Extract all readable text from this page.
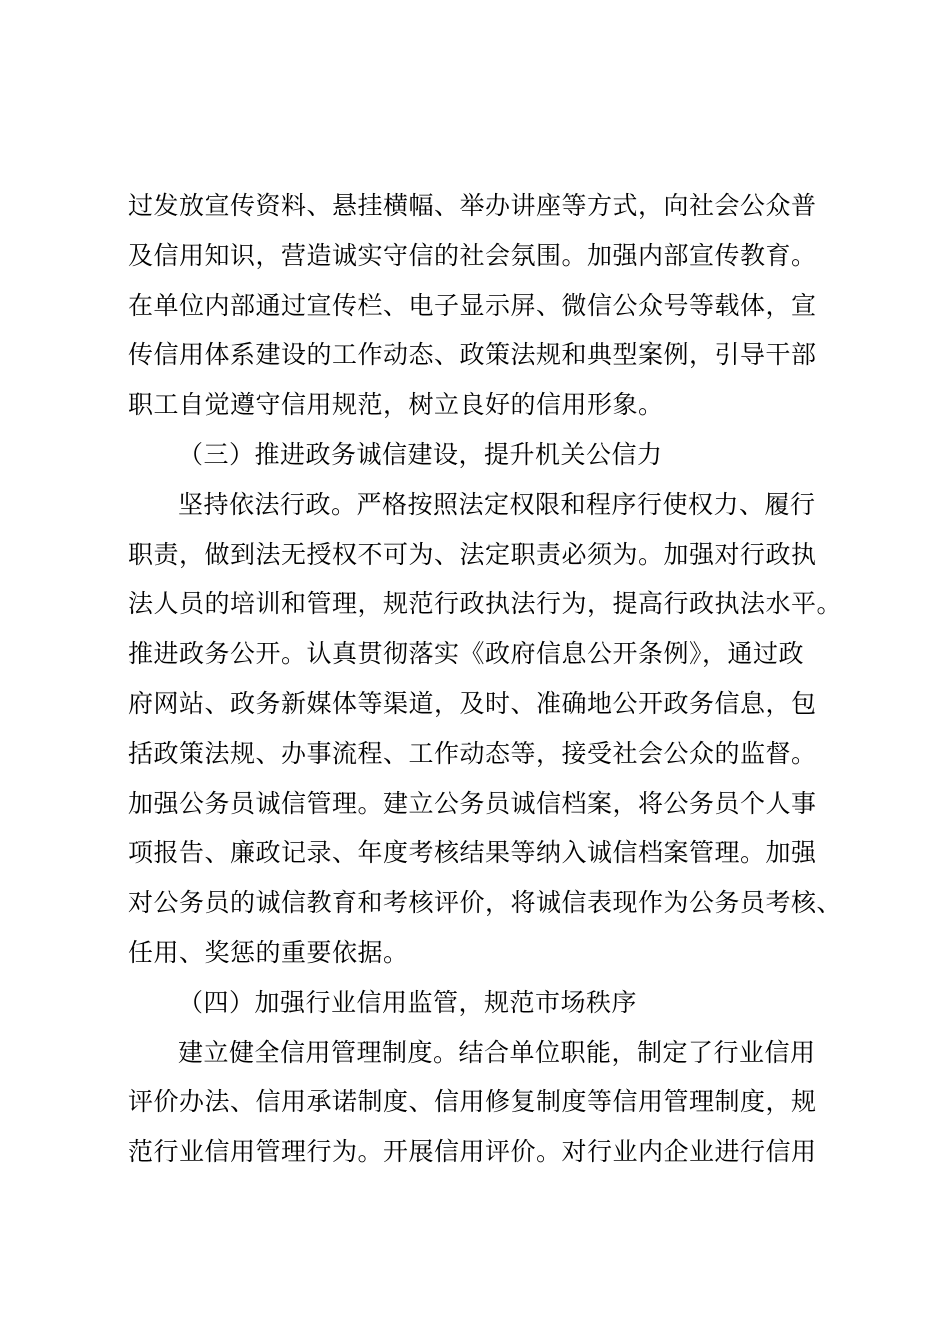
过发放宣传资料、悬挂横幅、举办讲座等方式，向社会公众普
及信用知识，营造诚实守信的社会氛围。加强内部宣传教育。
在单位内部通过宣传栏、电子显示屏、微信公众号等载体，宣
传信用体系建设的工作动态、政策法规和典型案例，引导干部
职工自觉遵守信用规范，树立良好的信用形象。
（三）推进政务诚信建设，提升机关公信力
坚持依法行政。严格按照法定权限和程序行使权力、履行
职责，做到法无授权不可为、法定职责必须为。加强对行政执
法人员的培训和管理，规范行政执法行为，提高行政执法水平。
推进政务公开。认真贯彻落实《政府信息公开条例》，通过政
府网站、政务新媒体等渠道，及时、准确地公开政务信息，包
括政策法规、办事流程、工作动态等，接受社会公众的监督。
加强公务员诚信管理。建立公务员诚信档案，将公务员个人事
项报告、廉政记录、年度考核结果等纳入诚信档案管理。加强
对公务员的诚信教育和考核评价，将诚信表现作为公务员考核、
任用、奖惩的重要依据。
（四）加强行业信用监管，规范市场秩序
建立健全信用管理制度。结合单位职能，制定了行业信用
评价办法、信用承诺制度、信用修复制度等信用管理制度，规
范行业信用管理行为。开展信用评价。对行业内企业进行信用
